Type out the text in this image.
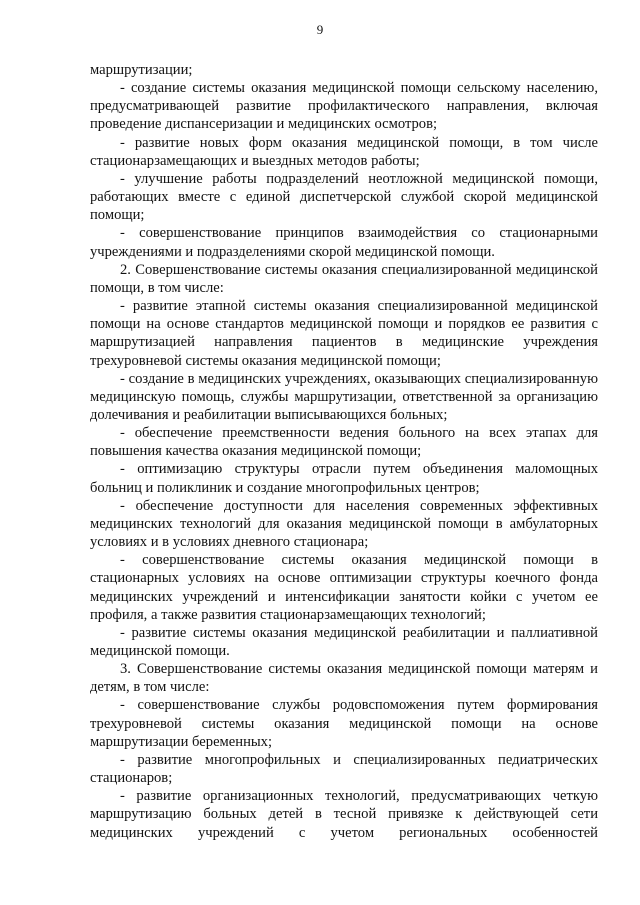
9

маршрутизации;

- создание системы оказания медицинской помощи сельскому населению, предусматривающей развитие профилактического направления, включая проведение диспансеризации и медицинских осмотров;

- развитие новых форм оказания медицинской помощи, в том числе стационарзамещающих и выездных методов работы;

- улучшение работы подразделений неотложной медицинской помощи, работающих вместе с единой диспетчерской службой скорой медицинской помощи;

- совершенствование принципов взаимодействия со стационарными учреждениями и подразделениями скорой медицинской помощи.

2. Совершенствование системы оказания специализированной медицинской помощи, в том числе:

- развитие этапной системы оказания специализированной медицинской помощи на основе стандартов медицинской помощи и порядков ее развития с маршрутизацией направления пациентов в медицинские учреждения трехуровневой системы оказания медицинской помощи;

- создание в медицинских учреждениях, оказывающих специализированную медицинскую помощь, службы маршрутизации, ответственной за организацию долечивания и реабилитации выписывающихся больных;

- обеспечение преемственности ведения больного на всех этапах для повышения качества оказания медицинской помощи;

- оптимизацию структуры отрасли путем объединения маломощных больниц и поликлиник и создание многопрофильных центров;

- обеспечение доступности для населения современных эффективных медицинских технологий для оказания медицинской помощи в амбулаторных условиях и в условиях дневного стационара;

- совершенствование системы оказания медицинской помощи в стационарных условиях на основе оптимизации структуры коечного фонда медицинских учреждений и интенсификации занятости койки с учетом ее профиля, а также развития стационарзамещающих технологий;

- развитие системы оказания медицинской реабилитации и паллиативной медицинской помощи.

3. Совершенствование системы оказания медицинской помощи матерям и детям, в том числе:

- совершенствование службы родовспоможения путем формирования трехуровневой системы оказания медицинской помощи на основе маршрутизации беременных;

- развитие многопрофильных и специализированных педиатрических стационаров;

- развитие организационных технологий, предусматривающих четкую маршрутизацию больных детей в тесной привязке к действующей сети медицинских учреждений с учетом региональных особенностей
